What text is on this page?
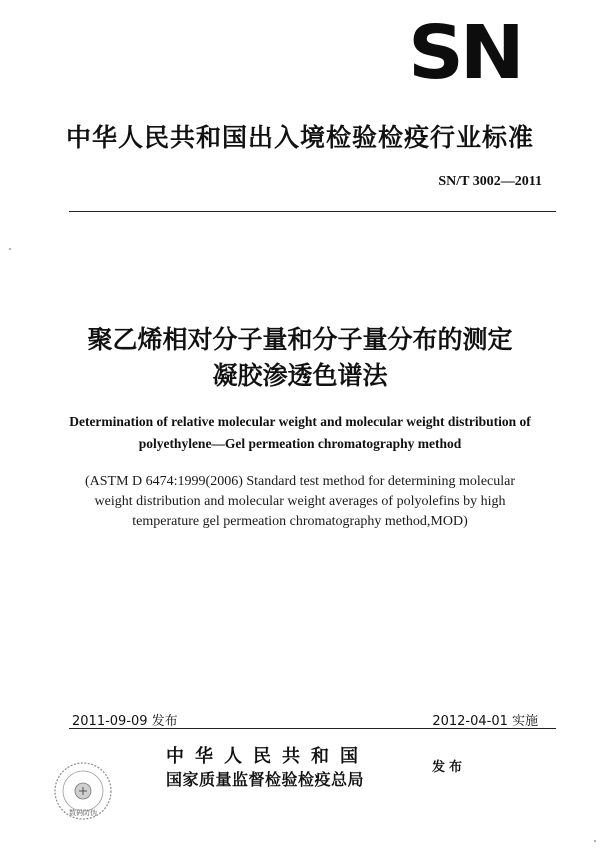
SN
中华人民共和国出入境检验检疫行业标准
SN/T 3002—2011
聚乙烯相对分子量和分子量分布的测定
凝胶渗透色谱法
Determination of relative molecular weight and molecular weight distribution of
polyethylene—Gel permeation chromatography method
(ASTM D 6474:1999(2006) Standard test method for determining molecular
weight distribution and molecular weight averages of polyolefins by high
temperature gel permeation chromatography method,MOD)
2011-09-09 发布	2012-04-01 实施
数码防伪
中华人民共和国
国家质量监督检验检疫总局
发布
